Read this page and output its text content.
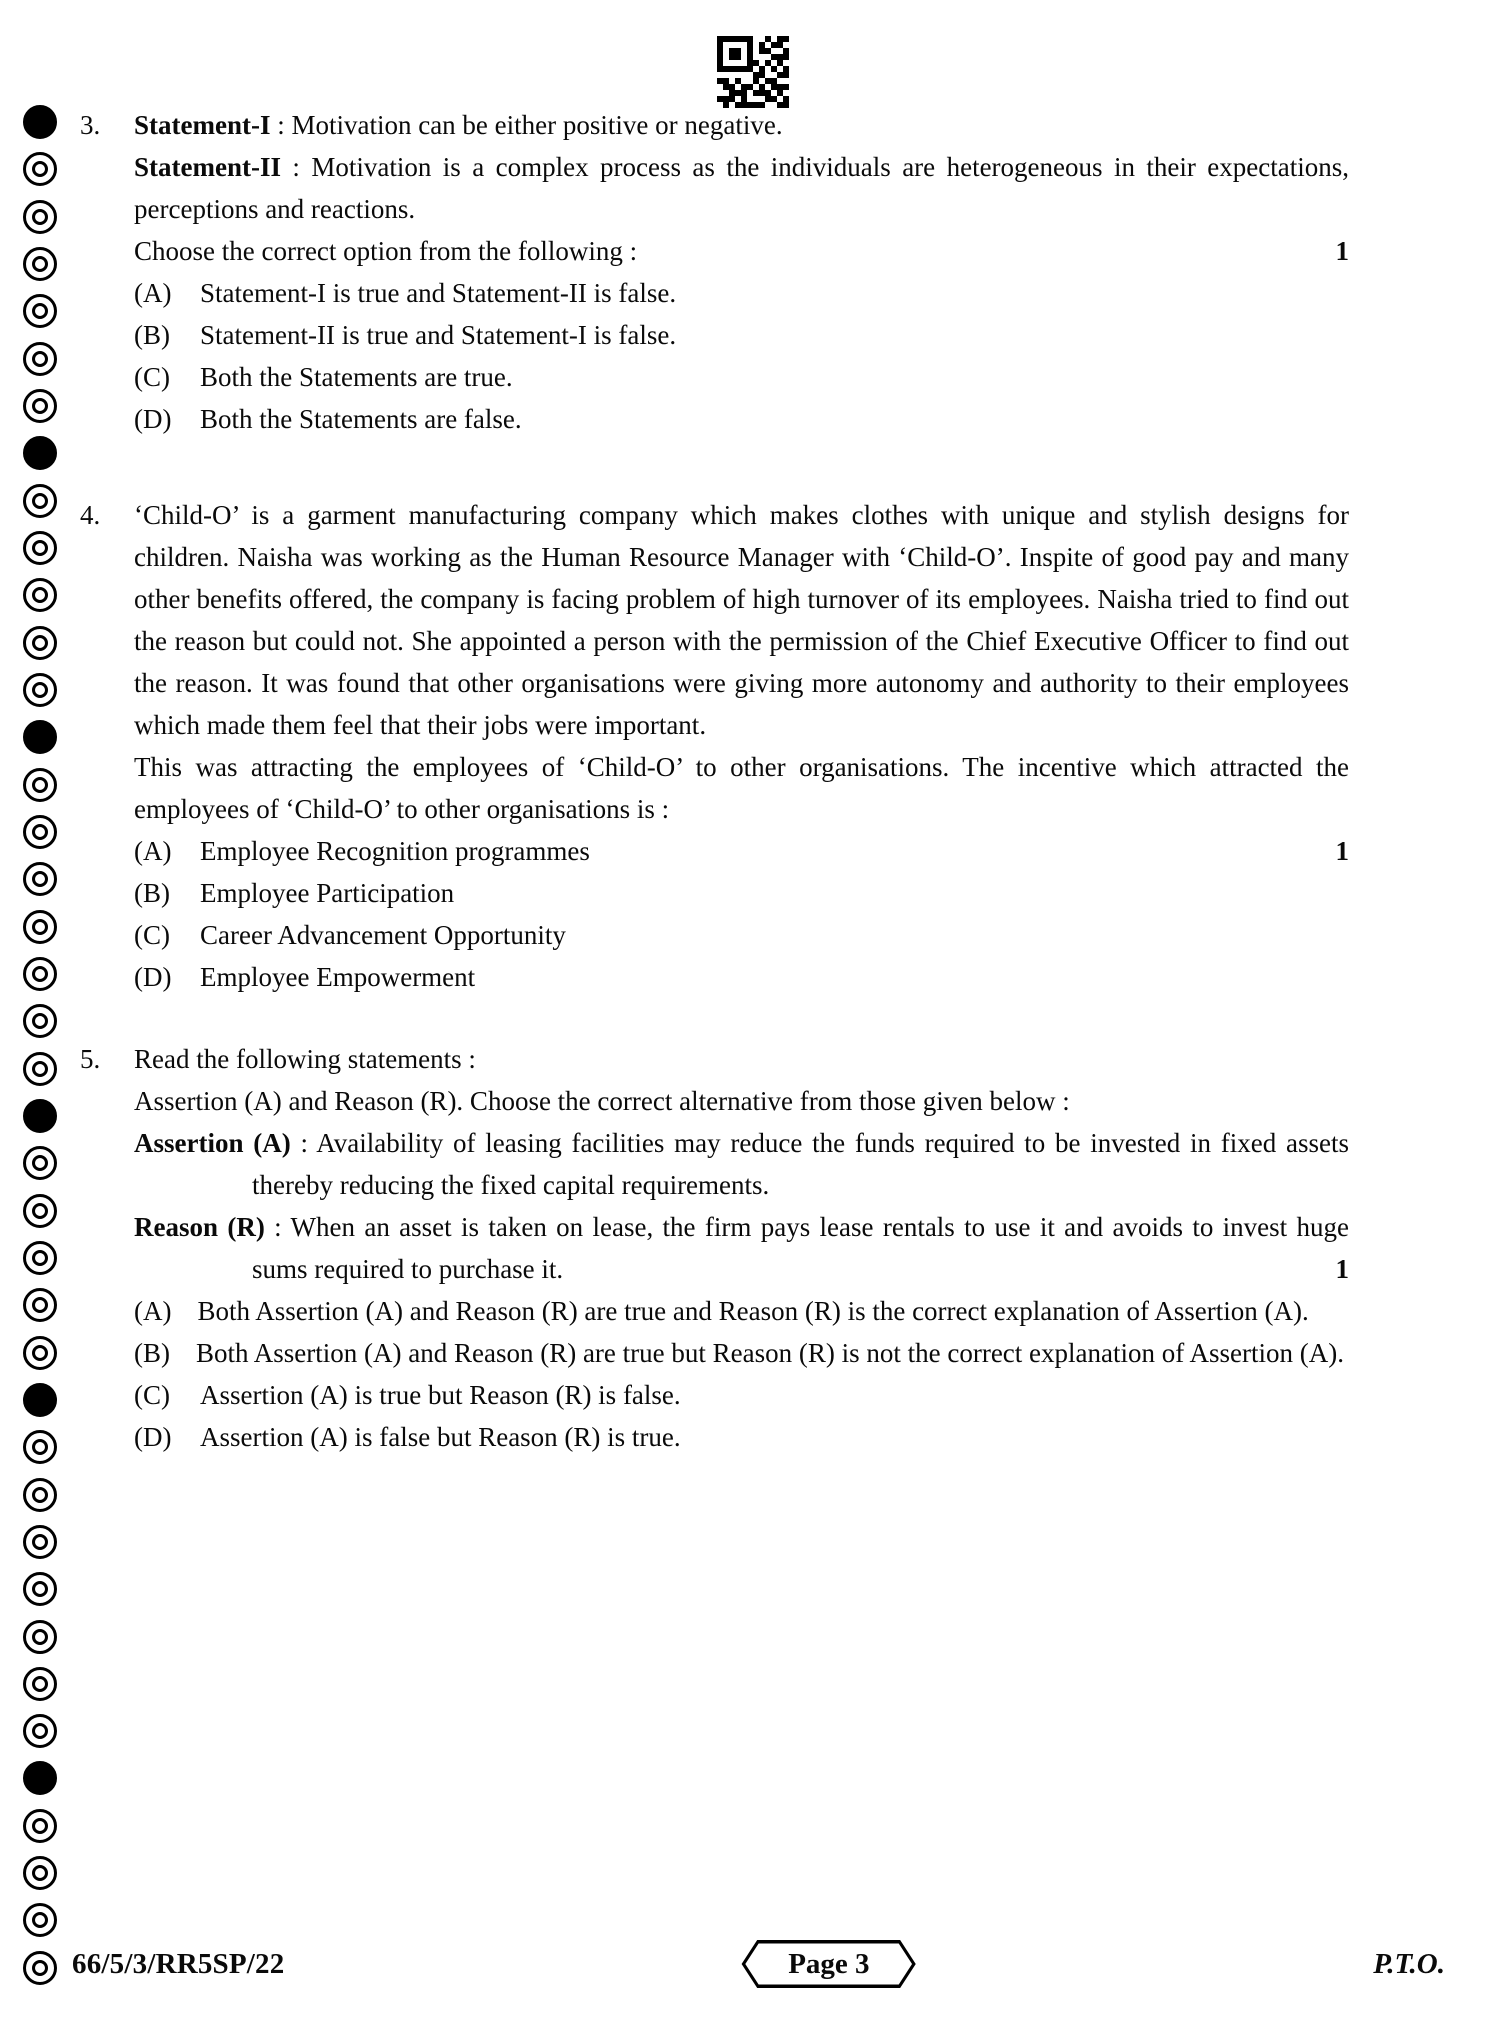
3.	Statement-I : Motivation can be either positive or negative.

Statement-II : Motivation is a complex process as the individuals are heterogeneous in their expectations, perceptions and reactions.

1

Choose the correct option from the following :

(A)	Statement-I is true and Statement-II is false.
(B)	Statement-II is true and Statement-I is false.
(C)	Both the Statements are true.
(D)	Both the Statements are false.
4.	‘Child-O’ is a garment manufacturing company which makes clothes with unique and stylish designs for children. Naisha was working as the Human Resource Manager with ‘Child-O’. Inspite of good pay and many other benefits offered, the company is facing problem of high turnover of its employees. Naisha tried to find out the reason but could not. She appointed a person with the permission of the Chief Executive Officer to find out the reason. It was found that other organisations were giving more autonomy and authority to their employees which made them feel that their jobs were important.

1

This was attracting the employees of ‘Child-O’ to other organisations. The incentive which attracted the employees of ‘Child-O’ to other organisations is :

(A)	Employee Recognition programmes
(B)	Employee Participation
(C)	Career Advancement Opportunity
(D)	Employee Empowerment
5.	Read the following statements :

Assertion (A) and Reason (R). Choose the correct alternative from those given below :

Assertion (A) : Availability of leasing facilities may reduce the funds required to be invested in fixed assets thereby reducing the fixed capital requirements.

1

Reason (R) : When an asset is taken on lease, the firm pays lease rentals to use it and avoids to invest huge sums required to purchase it.

(A) Both Assertion (A) and Reason (R) are true and Reason (R) is the correct explanation of Assertion (A).

(B) Both Assertion (A) and Reason (R) are true but Reason (R) is not the correct explanation of Assertion (A).

(C)	Assertion (A) is true but Reason (R) is false.
(D)	Assertion (A) is false but Reason (R) is true.
66/5/3/RR5SP/22	Page 3	P.T.O.
